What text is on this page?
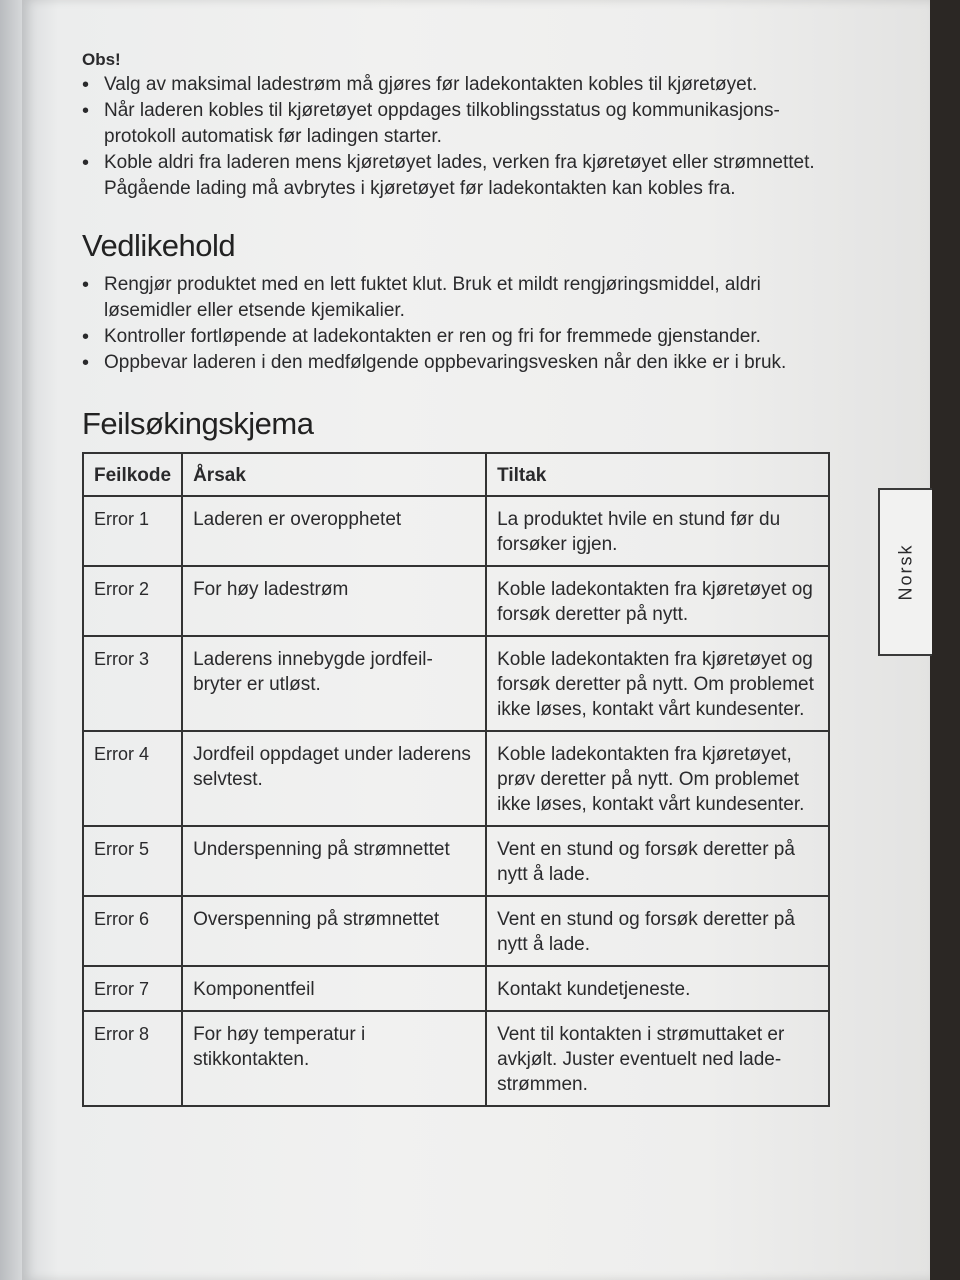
Obs!
• Valg av maksimal ladestrøm må gjøres før ladekontakten kobles til kjøretøyet.
• Når laderen kobles til kjøretøyet oppdages tilkoblingsstatus og kommunikasjons-protokoll automatisk før ladingen starter.
• Koble aldri fra laderen mens kjøretøyet lades, verken fra kjøretøyet eller strømnettet. Pågående lading må avbrytes i kjøretøyet før ladekontakten kan kobles fra.
Vedlikehold
• Rengjør produktet med en lett fuktet klut. Bruk et mildt rengjøringsmiddel, aldri løsemidler eller etsende kjemikalier.
• Kontroller fortløpende at ladekontakten er ren og fri for fremmede gjenstander.
• Oppbevar laderen i den medfølgende oppbevaringsvesken når den ikke er i bruk.
Feilsøkingskjema
Feilkode	Årsak	Tiltak
Error 1	Laderen er overopphetet	La produktet hvile en stund før du forsøker igjen.
Error 2	For høy ladestrøm	Koble ladekontakten fra kjøretøyet og forsøk deretter på nytt.
Error 3	Laderens innebygde jordfeil-bryter er utløst.	Koble ladekontakten fra kjøretøyet og forsøk deretter på nytt. Om problemet ikke løses, kontakt vårt kundesenter.
Error 4	Jordfeil oppdaget under laderens selvtest.	Koble ladekontakten fra kjøretøyet, prøv deretter på nytt. Om problemet ikke løses, kontakt vårt kundesenter.
Error 5	Underspenning på strømnettet	Vent en stund og forsøk deretter på nytt å lade.
Error 6	Overspenning på strømnettet	Vent en stund og forsøk deretter på nytt å lade.
Error 7	Komponentfeil	Kontakt kundetjeneste.
Error 8	For høy temperatur i stikkontakten.	Vent til kontakten i strømuttaket er avkjølt. Juster eventuelt ned lade-strømmen.
Norsk
